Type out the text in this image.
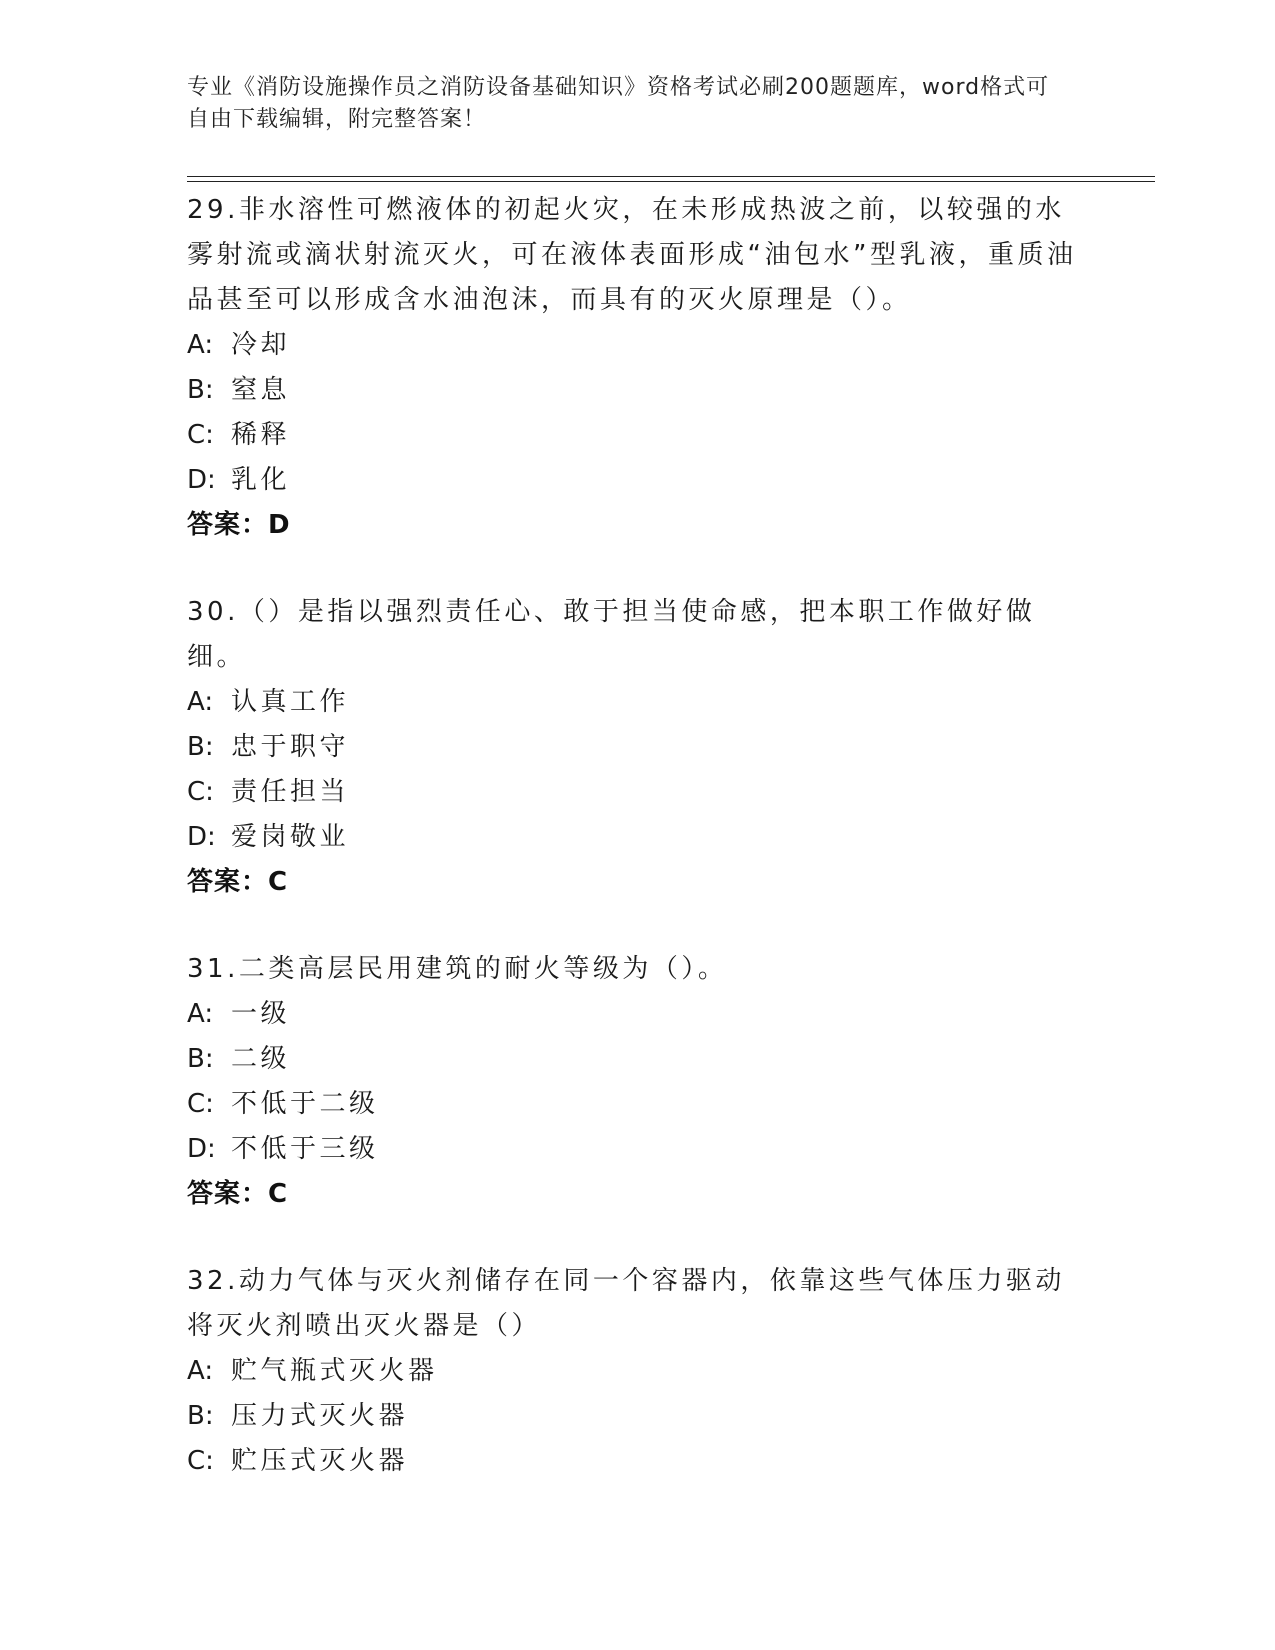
专业《消防设施操作员之消防设备基础知识》资格考试必刷200题题库，word格式可自由下载编辑，附完整答案！
29.非水溶性可燃液体的初起火灾，在未形成热波之前，以较强的水雾射流或滴状射流灭火，可在液体表面形成“油包水”型乳液，重质油品甚至可以形成含水油泡沫，而具有的灭火原理是（）。
A: 冷却
B: 窒息
C: 稀释
D: 乳化
答案：D
30.（）是指以强烈责任心、敢于担当使命感，把本职工作做好做细。
A: 认真工作
B: 忠于职守
C: 责任担当
D: 爱岗敬业
答案：C
31.二类高层民用建筑的耐火等级为（）。
A: 一级
B: 二级
C: 不低于二级
D: 不低于三级
答案：C
32.动力气体与灭火剂储存在同一个容器内，依靠这些气体压力驱动将灭火剂喷出灭火器是（）
A: 贮气瓶式灭火器
B: 压力式灭火器
C: 贮压式灭火器
